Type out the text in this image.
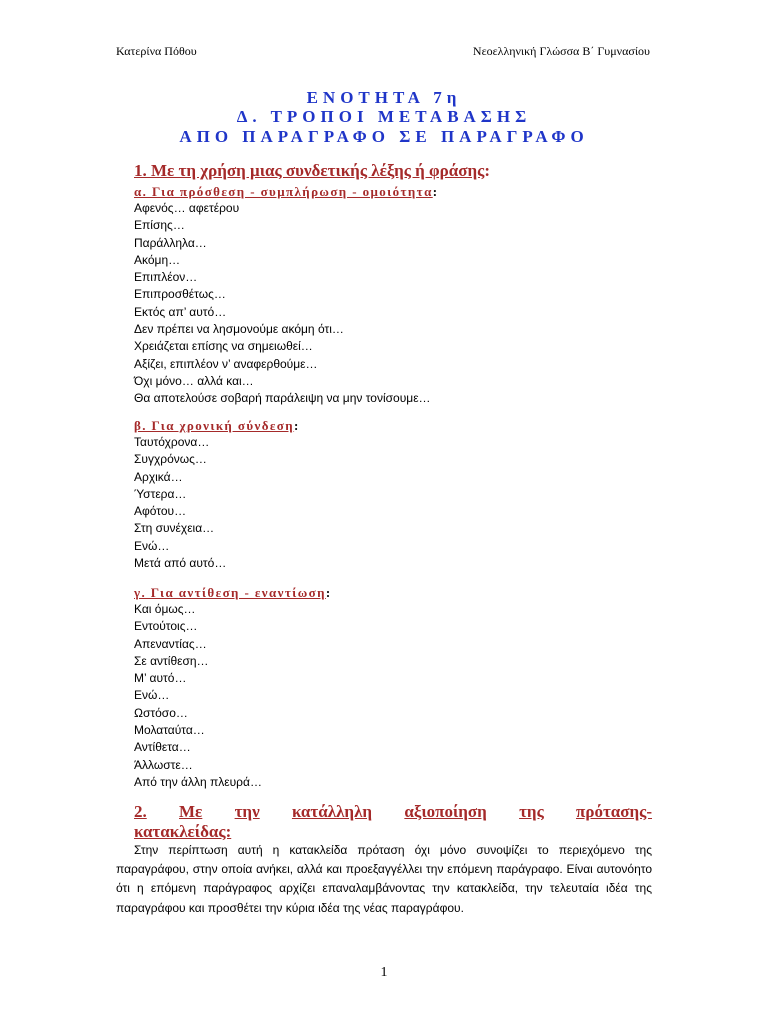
Κατερίνα Πόθου	Νεοελληνική Γλώσσα Β΄ Γυμνασίου
ΕΝΟΤΗΤΑ 7η
Δ. ΤΡΟΠΟΙ ΜΕΤΑΒΑΣΗΣ
ΑΠΟ ΠΑΡΑΓΡΑΦΟ ΣΕ ΠΑΡΑΓΡΑΦΟ
1. Με τη χρήση μιας συνδετικής λέξης ή φράσης:
α. Για πρόσθεση - συμπλήρωση - ομοιότητα:
Αφενός… αφετέρου
Επίσης…
Παράλληλα…
Ακόμη…
Επιπλέον…
Επιπροσθέτως…
Εκτός απ’ αυτό…
Δεν πρέπει να λησμονούμε ακόμη ότι…
Χρειάζεται επίσης να σημειωθεί…
Αξίζει, επιπλέον ν’ αναφερθούμε…
Όχι μόνο… αλλά και…
Θα αποτελούσε σοβαρή παράλειψη να μην τονίσουμε…
β. Για χρονική σύνδεση:
Ταυτόχρονα…
Συγχρόνως…
Αρχικά…
Ύστερα…
Αφότου…
Στη συνέχεια…
Ενώ…
Μετά από αυτό…
γ. Για αντίθεση - εναντίωση:
Και όμως…
Εντούτοις…
Απεναντίας…
Σε αντίθεση…
Μ’ αυτό…
Ενώ…
Ωστόσο…
Μολαταύτα…
Αντίθετα…
Άλλωστε…
Από την άλλη πλευρά…
2. Με την κατάλληλη αξιοποίηση της πρότασης-
κατακλείδας:

Στην περίπτωση αυτή η κατακλείδα πρόταση όχι μόνο συνοψίζει το περιεχόμενο της παραγράφου, στην οποία ανήκει, αλλά και προεξαγγέλλει την επόμενη παράγραφο. Είναι αυτονόητο ότι η επόμενη παράγραφος αρχίζει επαναλαμβάνοντας την κατακλείδα, την τελευταία ιδέα της παραγράφου και προσθέτει την κύρια ιδέα της νέας παραγράφου.

1
